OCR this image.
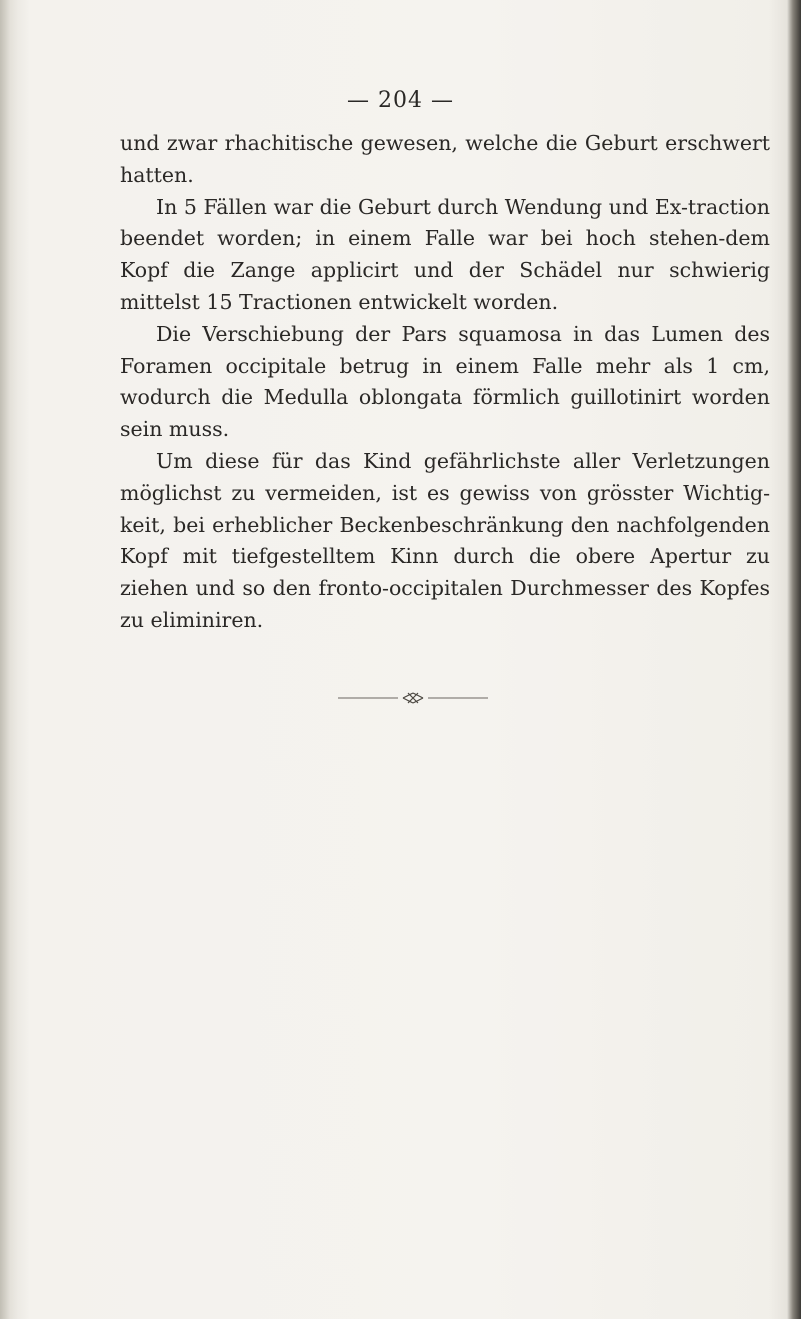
— 204 —

und zwar rhachitische gewesen, welche die Geburt erschwert hatten.

In 5 Fällen war die Geburt durch Wendung und Ex-traction beendet worden; in einem Falle war bei hoch stehen-dem Kopf die Zange applicirt und der Schädel nur schwierig mittelst 15 Tractionen entwickelt worden.

Die Verschiebung der Pars squamosa in das Lumen des Foramen occipitale betrug in einem Falle mehr als 1 cm, wodurch die Medulla oblongata förmlich guillotinirt worden sein muss.

Um diese für das Kind gefährlichste aller Verletzungen möglichst zu vermeiden, ist es gewiss von grösster Wichtig-keit, bei erheblicher Beckenbeschränkung den nachfolgenden Kopf mit tiefgestelltem Kinn durch die obere Apertur zu ziehen und so den fronto-occipitalen Durchmesser des Kopfes zu eliminiren.
